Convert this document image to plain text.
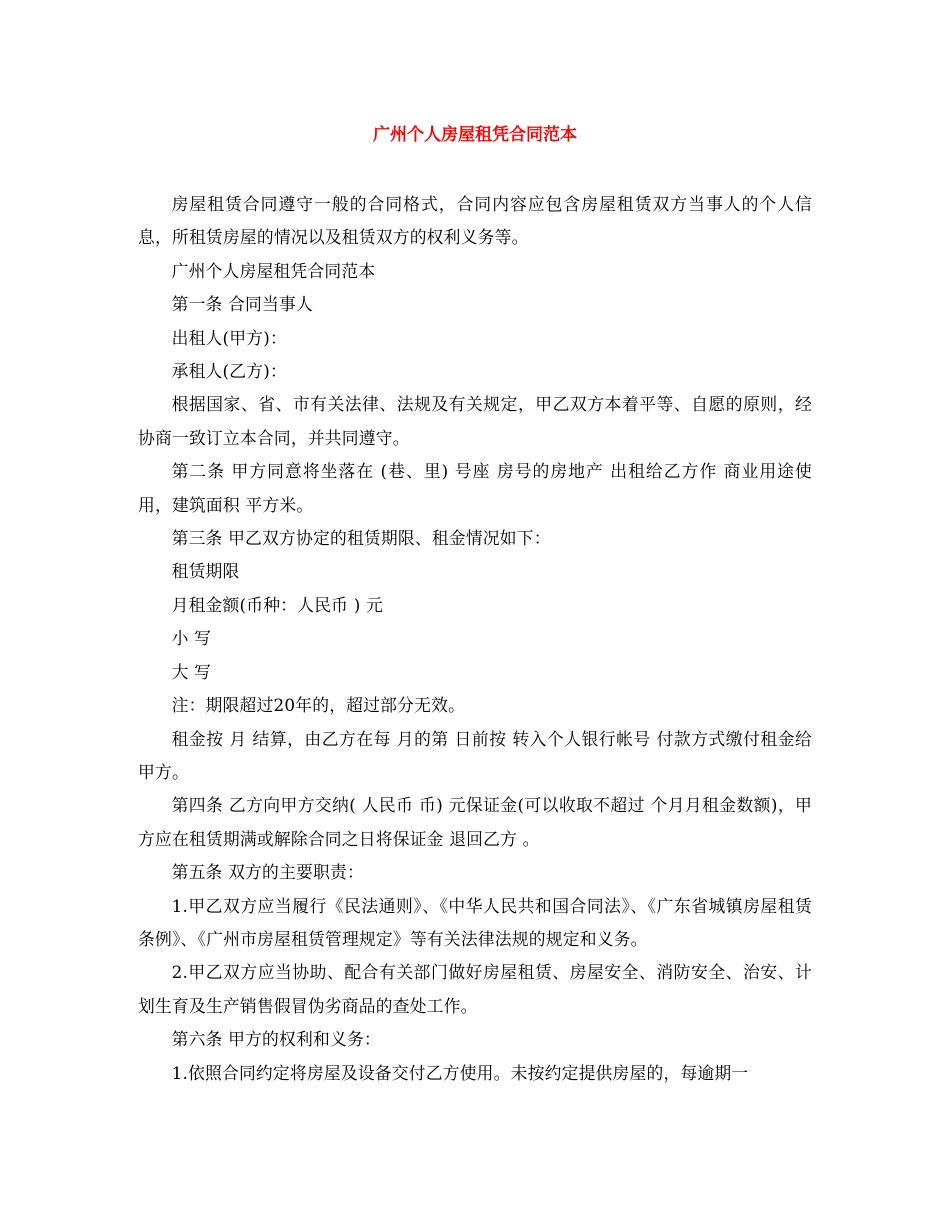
广州个人房屋租凭合同范本

房屋租赁合同遵守一般的合同格式，合同内容应包含房屋租赁双方当事人的个人信息，所租赁房屋的情况以及租赁双方的权利义务等。

广州个人房屋租凭合同范本

第一条 合同当事人

出租人(甲方)：

承租人(乙方)：

根据国家、省、市有关法律、法规及有关规定，甲乙双方本着平等、自愿的原则，经协商一致订立本合同，并共同遵守。

第二条 甲方同意将坐落在 (巷、里) 号座 房号的房地产 出租给乙方作 商业用途使用，建筑面积 平方米。

第三条 甲乙双方协定的租赁期限、租金情况如下：

租赁期限

月租金额(币种：人民币 ) 元

小 写

大 写

注：期限超过20年的，超过部分无效。

租金按 月 结算，由乙方在每 月的第 日前按 转入个人银行帐号 付款方式缴付租金给甲方。

第四条 乙方向甲方交纳( 人民币 币) 元保证金(可以收取不超过 个月月租金数额)，甲方应在租赁期满或解除合同之日将保证金 退回乙方 。

第五条 双方的主要职责：

1.甲乙双方应当履行《民法通则》、《中华人民共和国合同法》、《广东省城镇房屋租赁条例》、《广州市房屋租赁管理规定》等有关法律法规的规定和义务。

2.甲乙双方应当协助、配合有关部门做好房屋租赁、房屋安全、消防安全、治安、计划生育及生产销售假冒伪劣商品的查处工作。

第六条 甲方的权利和义务：

1.依照合同约定将房屋及设备交付乙方使用。未按约定提供房屋的，每逾期一
